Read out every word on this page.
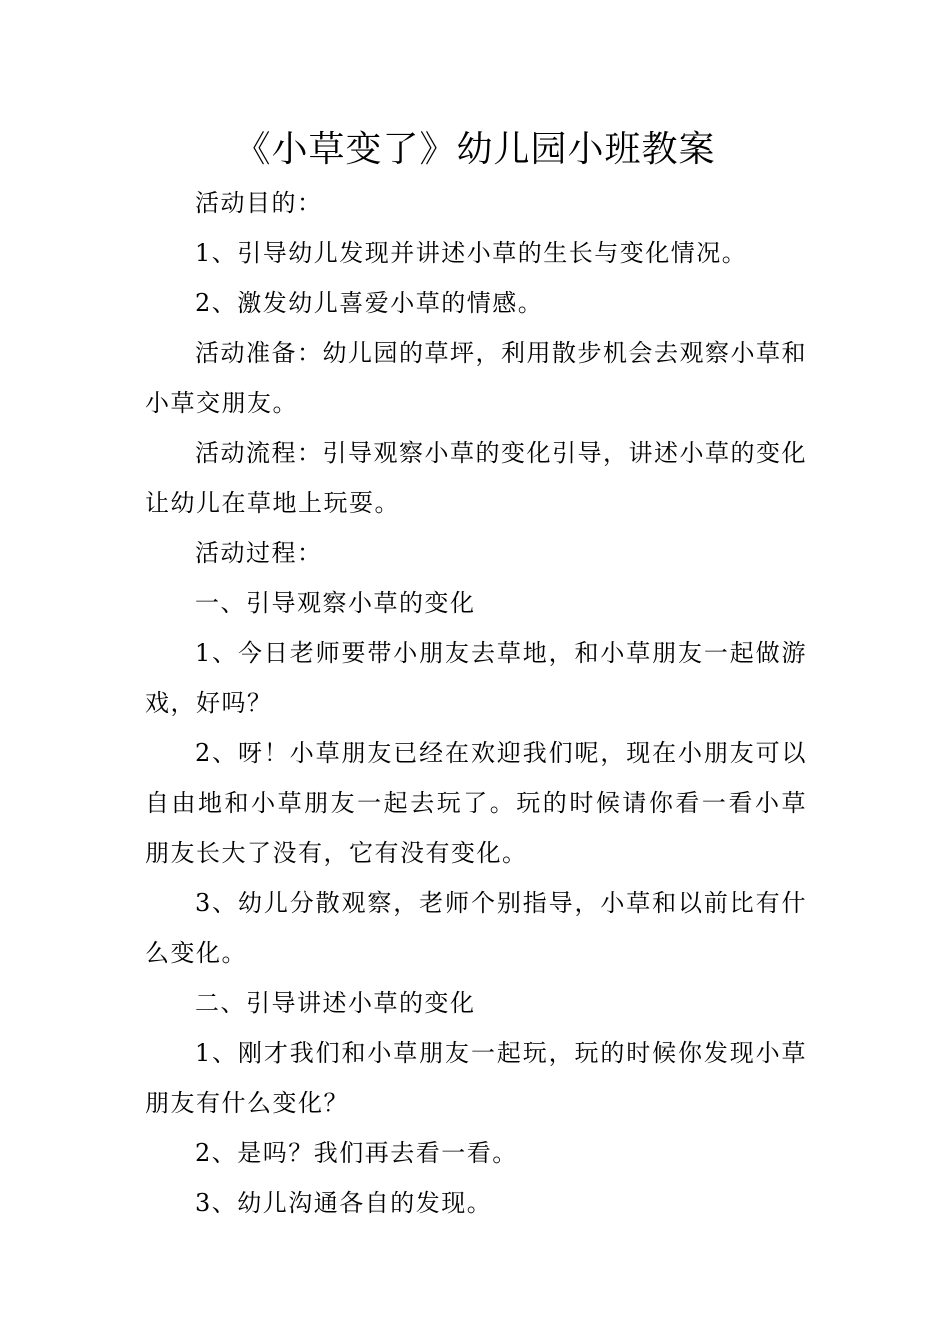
《小草变了》幼儿园小班教案

活动目的：

1、引导幼儿发现并讲述小草的生长与变化情况。

2、激发幼儿喜爱小草的情感。

活动准备：幼儿园的草坪，利用散步机会去观察小草和小草交朋友。

活动流程：引导观察小草的变化引导，讲述小草的变化让幼儿在草地上玩耍。

活动过程：

一、引导观察小草的变化

1、今日老师要带小朋友去草地，和小草朋友一起做游戏，好吗？

2、呀！小草朋友已经在欢迎我们呢，现在小朋友可以自由地和小草朋友一起去玩了。玩的时候请你看一看小草朋友长大了没有，它有没有变化。

3、幼儿分散观察，老师个别指导，小草和以前比有什么变化。

二、引导讲述小草的变化

1、刚才我们和小草朋友一起玩，玩的时候你发现小草朋友有什么变化？

2、是吗？我们再去看一看。

3、幼儿沟通各自的发现。
